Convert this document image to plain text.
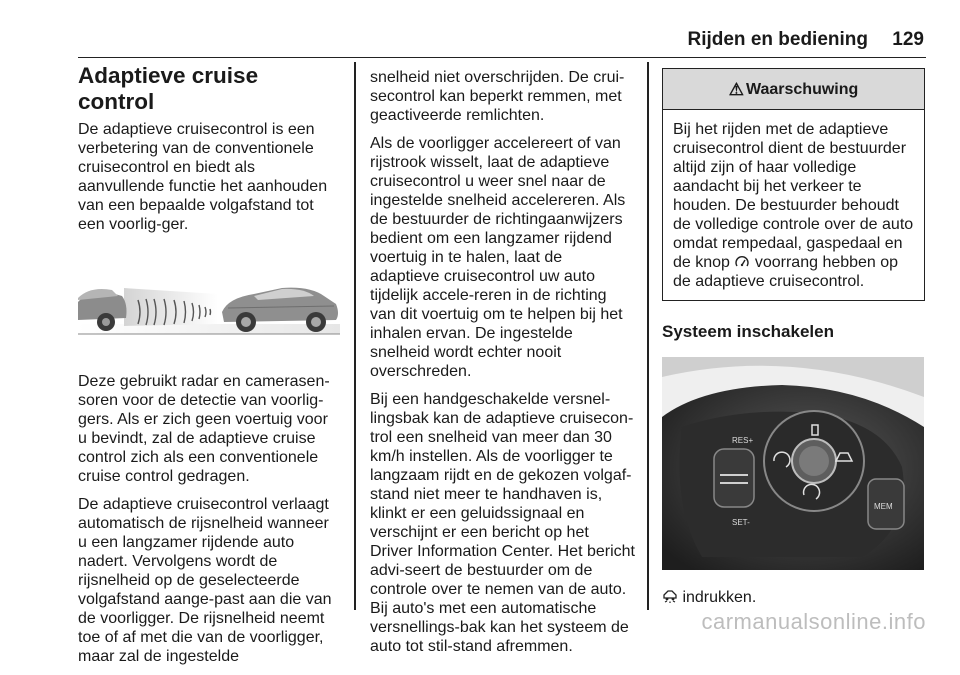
Rijden en bediening 129
Adaptieve cruise control

De adaptieve cruisecontrol is een verbetering van de conventionele cruisecontrol en biedt als aanvullende functie het aanhouden van een bepaalde volgafstand tot een voorlig-ger.

Deze gebruikt radar en camerasen-soren voor de detectie van voorlig-gers. Als er zich geen voertuig voor u bevindt, zal de adaptieve cruise control zich als een conventionele cruise control gedragen.

De adaptieve cruisecontrol verlaagt automatisch de rijsnelheid wanneer u een langzamer rijdende auto nadert. Vervolgens wordt de rijsnelheid op de geselecteerde volgafstand aange-past aan die van de voorligger. De rijsnelheid neemt toe of af met die van de voorligger, maar zal de ingestelde

snelheid niet overschrijden. De crui-secontrol kan beperkt remmen, met geactiveerde remlichten.

Als de voorligger accelereert of van rijstrook wisselt, laat de adaptieve cruisecontrol u weer snel naar de ingestelde snelheid accelereren. Als de bestuurder de richtingaanwijzers bedient om een langzamer rijdend voertuig in te halen, laat de adaptieve cruisecontrol uw auto tijdelijk accele-reren in de richting van dit voertuig om te helpen bij het inhalen ervan. De ingestelde snelheid wordt echter nooit overschreden.

Bij een handgeschakelde versnel-lingsbak kan de adaptieve cruisecon-trol een snelheid van meer dan 30 km/h instellen. Als de voorligger te langzaam rijdt en de gekozen volgaf-stand niet meer te handhaven is, klinkt er een geluidssignaal en verschijnt er een bericht op het Driver Information Center. Het bericht advi-seert de bestuurder om de controle over te nemen van de auto. Bij auto's met een automatische versnellings-bak kan het systeem de auto tot stil-stand afremmen.

⚠ Waarschuwing
Bij het rijden met de adaptieve cruisecontrol dient de bestuurder altijd zijn of haar volledige aandacht bij het verkeer te houden. De bestuurder behoudt de volledige controle over de auto omdat rempedaal, gaspedaal en de knop voorrang hebben op de adaptieve cruisecontrol.
Systeem inschakelen
RES+
SET-
MEM

indrukken.

carmanualsonline.info
